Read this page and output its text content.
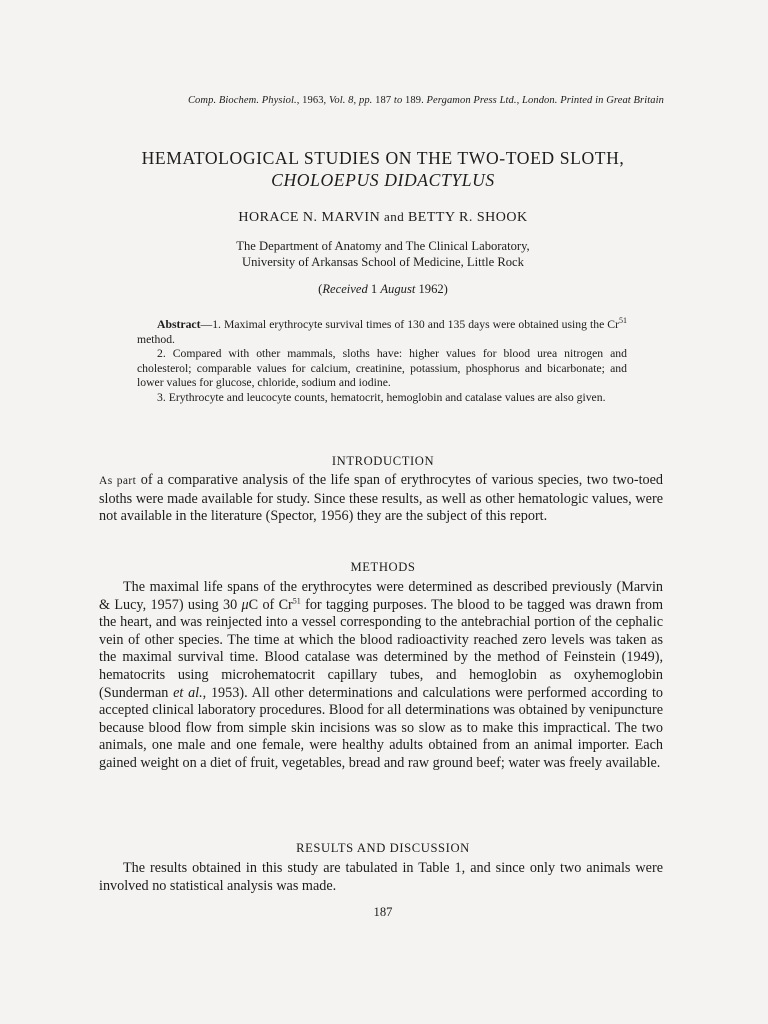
Comp. Biochem. Physiol., 1963, Vol. 8, pp. 187 to 189. Pergamon Press Ltd., London. Printed in Great Britain
HEMATOLOGICAL STUDIES ON THE TWO-TOED SLOTH,
CHOLOEPUS DIDACTYLUS
HORACE N. MARVIN and BETTY R. SHOOK
The Department of Anatomy and The Clinical Laboratory,
University of Arkansas School of Medicine, Little Rock
(Received 1 August 1962)

Abstract—1. Maximal erythrocyte survival times of 130 and 135 days were obtained using the Cr$^{51}$ method.

2. Compared with other mammals, sloths have: higher values for blood urea nitrogen and cholesterol; comparable values for calcium, creatinine, potassium, phosphorus and bicarbonate; and lower values for glucose, chloride, sodium and iodine.

3. Erythrocyte and leucocyte counts, hematocrit, hemoglobin and catalase values are also given.

INTRODUCTION

As part of a comparative analysis of the life span of erythrocytes of various species, two two-toed sloths were made available for study. Since these results, as well as other hematologic values, were not available in the literature (Spector, 1956) they are the subject of this report.

METHODS

The maximal life spans of the erythrocytes were determined as described previously (Marvin & Lucy, 1957) using 30 μC of Cr$^{51}$ for tagging purposes. The blood to be tagged was drawn from the heart, and was reinjected into a vessel corresponding to the antebrachial portion of the cephalic vein of other species. The time at which the blood radioactivity reached zero levels was taken as the maximal survival time. Blood catalase was determined by the method of Feinstein (1949), hematocrits using microhematocrit capillary tubes, and hemoglobin as oxyhemoglobin (Sunderman et al., 1953). All other determinations and calculations were performed according to accepted clinical laboratory procedures. Blood for all determinations was obtained by venipuncture because blood flow from simple skin incisions was so slow as to make this impractical. The two animals, one male and one female, were healthy adults obtained from an animal importer. Each gained weight on a diet of fruit, vegetables, bread and raw ground beef; water was freely available.

RESULTS AND DISCUSSION

The results obtained in this study are tabulated in Table 1, and since only two animals were involved no statistical analysis was made.

187
